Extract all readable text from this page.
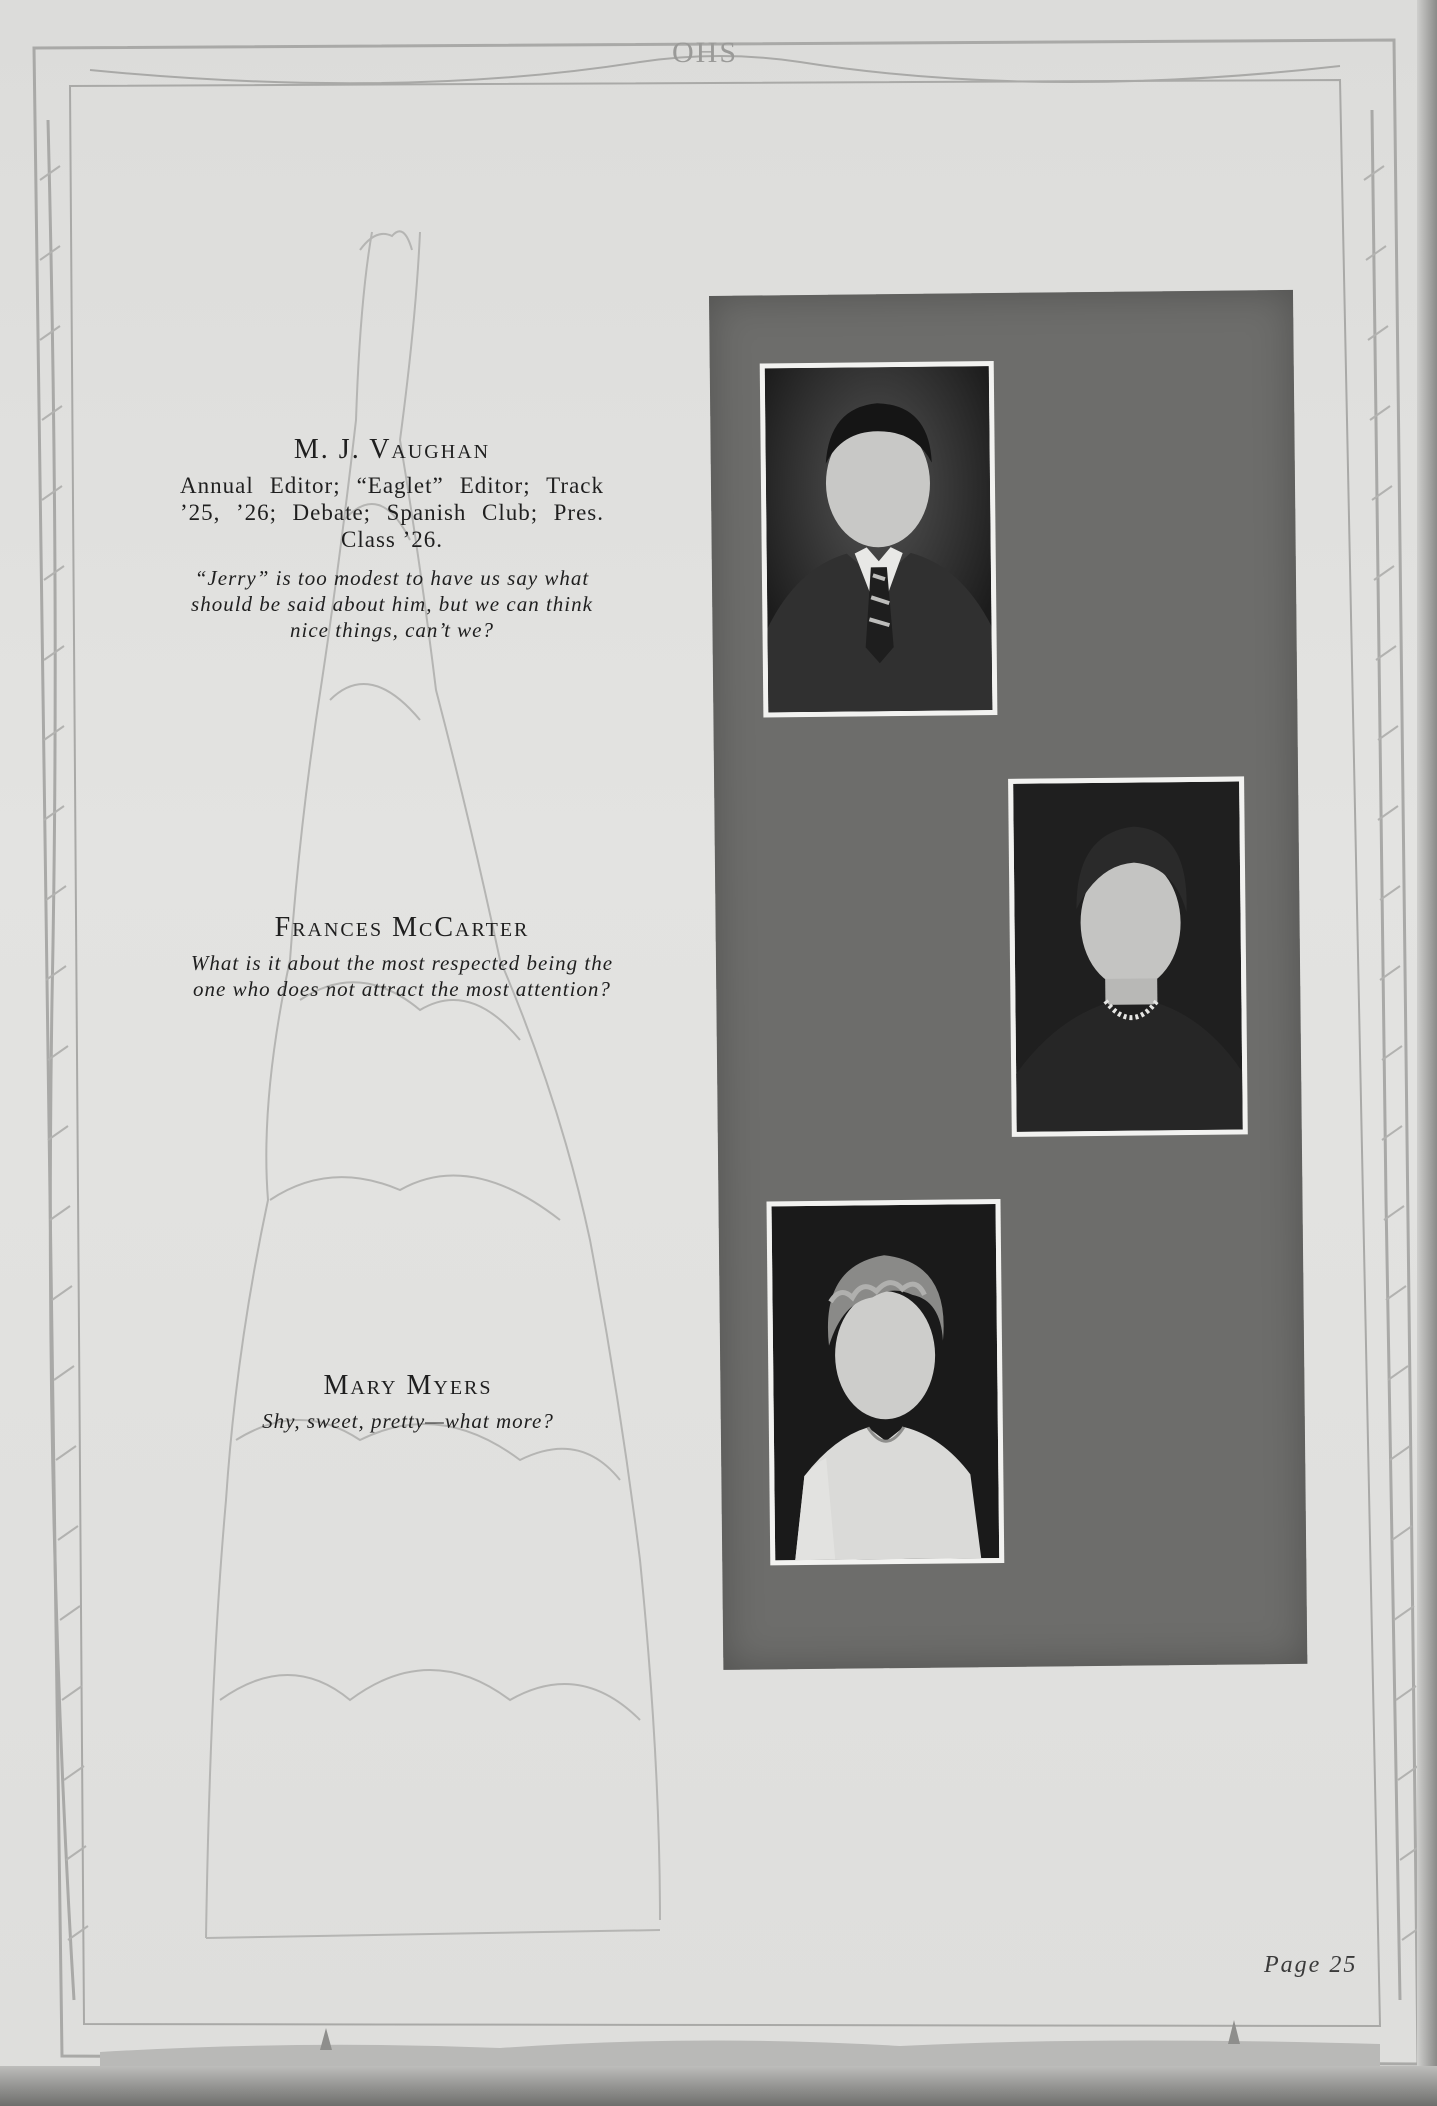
OHS
M. J. Vaughan
Annual Editor; “Eaglet” Editor; Track ’25, ’26; Debate; Spanish Club; Pres. Class ’26.
“Jerry” is too modest to have us say what should be said about him, but we can think nice things, can’t we?
Frances McCarter
What is it about the most respected being the one who does not attract the most attention?
Mary Myers
Shy, sweet, pretty—what more?
Page 25
